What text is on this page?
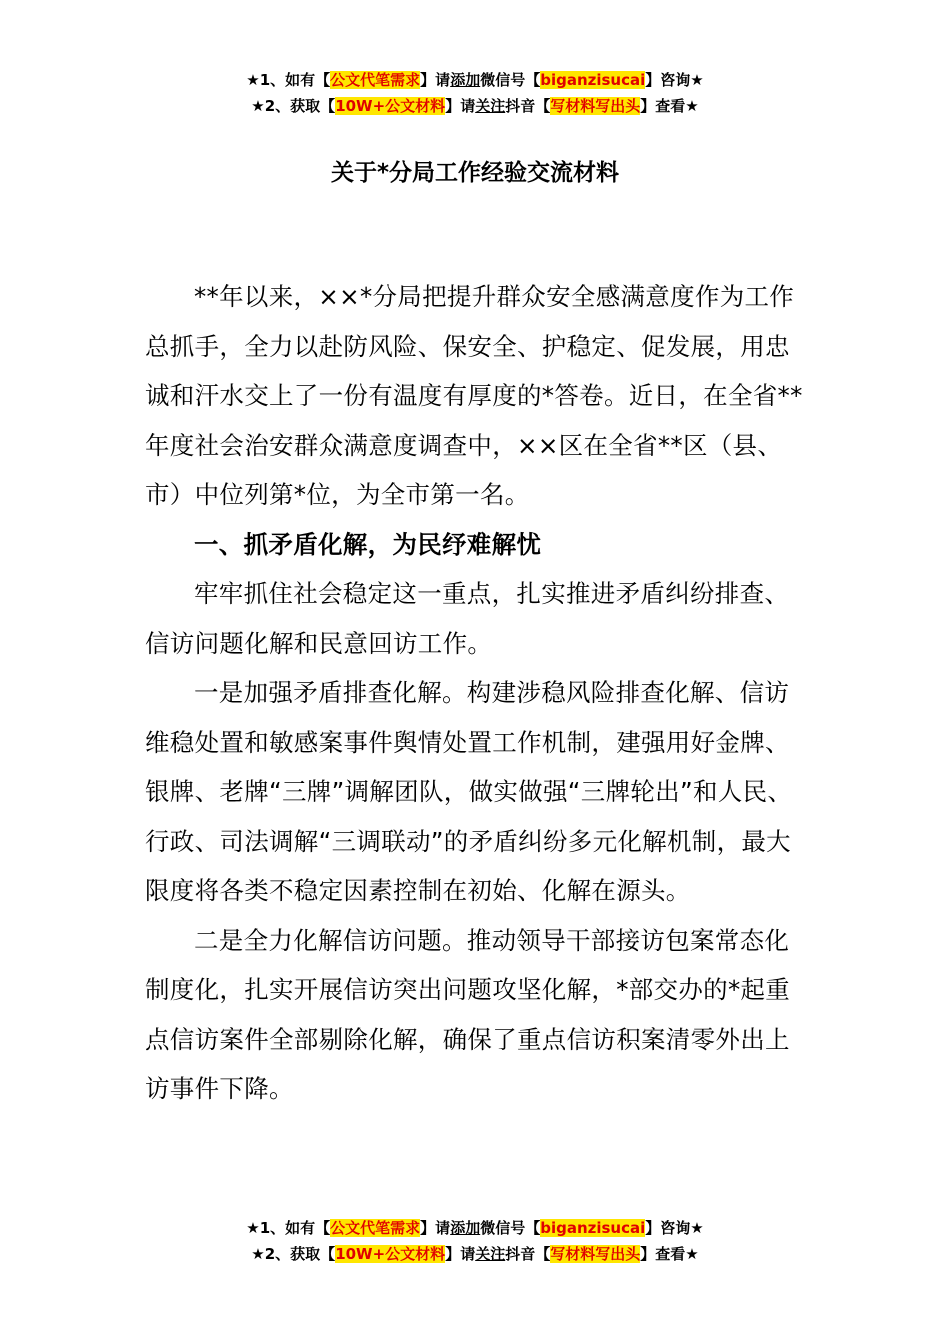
★1、如有【公文代笔需求】请添加微信号【biganzisucai】咨询★
★2、获取【10W+公文材料】请关注抖音【写材料写出头】查看★
关于*分局工作经验交流材料

**年以来，××*分局把提升群众安全感满意度作为工作总抓手，全力以赴防风险、保安全、护稳定、促发展，用忠诚和汗水交上了一份有温度有厚度的*答卷。近日，在全省**年度社会治安群众满意度调查中，××区在全省**区（县、市）中位列第*位，为全市第一名。

一、抓矛盾化解，为民纾难解忧

牢牢抓住社会稳定这一重点，扎实推进矛盾纠纷排查、信访问题化解和民意回访工作。

一是加强矛盾排查化解。构建涉稳风险排查化解、信访维稳处置和敏感案事件舆情处置工作机制，建强用好金牌、银牌、老牌“三牌”调解团队，做实做强“三牌轮出”和人民、行政、司法调解“三调联动”的矛盾纠纷多元化解机制，最大限度将各类不稳定因素控制在初始、化解在源头。

二是全力化解信访问题。推动领导干部接访包案常态化制度化，扎实开展信访突出问题攻坚化解，*部交办的*起重点信访案件全部剔除化解，确保了重点信访积案清零外出上访事件下降。

★1、如有【公文代笔需求】请添加微信号【biganzisucai】咨询★
★2、获取【10W+公文材料】请关注抖音【写材料写出头】查看★
